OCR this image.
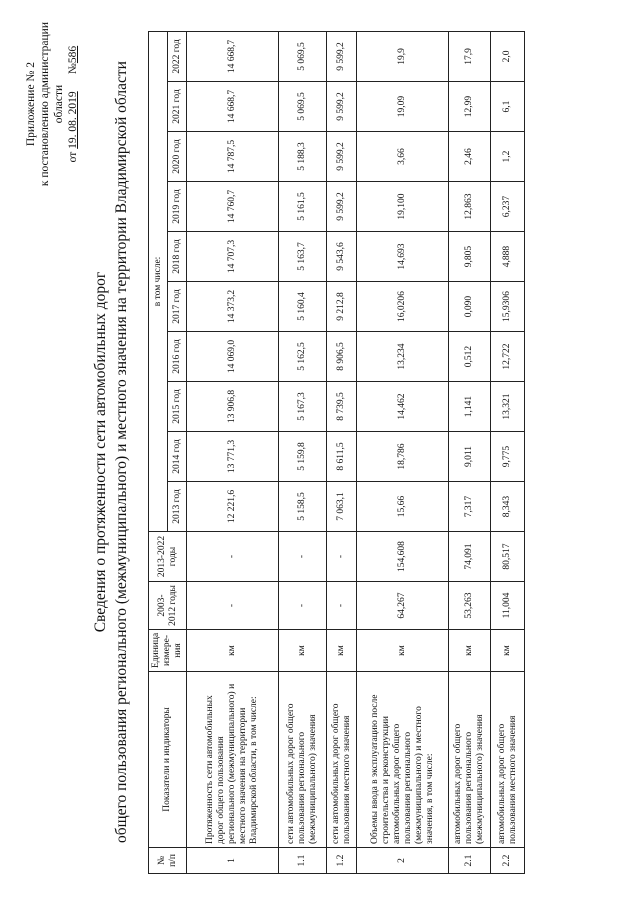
Приложение № 2 к постановлению администрации области
от 19. 08. 2019      №586
Сведения о протяженности сети автомобильных дорог общего пользования регионального (межмуниципального) и местного значения на территории Владимирской области
№ п/п	Показатели и индикаторы	Единица измере-ния	2003-2012 годы	2013-2022 годы	в том числе:									
					2013 год	2014 год	2015 год	2016 год	2017 год	2018 год	2019 год	2020 год	2021 год	2022 год
1	Протяженность сети автомобильных дорог общего пользования регионального (межмуниципального) и местного значения на территории Владимирской области, в том числе:	км	-	-	12 221,6	13 771,3	13 906,8	14 069,0	14 373,2	14 707,3	14 760,7	14 787,5	14 668,7	14 668,7
1.1	сети автомобильных дорог общего пользования регионального (межмуниципального) значения	км	-	-	5 158,5	5 159,8	5 167,3	5 162,5	5 160,4	5 163,7	5 161,5	5 188,3	5 069,5	5 069,5
1.2	сети автомобильных дорог общего пользования местного значения	км	-	-	7 063,1	8 611,5	8 739,5	8 906,5	9 212,8	9 543,6	9 599,2	9 599,2	9 599,2	9 599,2
2	Объемы ввода в эксплуатацию после строительства и реконструкции автомобильных дорог общего пользования регионального (межмуниципального) и местного значения, в том числе:	км	64,267	154,608	15,66	18,786	14,462	13,234	16,0206	14,693	19,100	3,66	19,09	19,9
2.1	автомобильных дорог общего пользования регионального (межмуниципального) значения	км	53,263	74,091	7,317	9,011	1,141	0,512	0,090	9,805	12,863	2,46	12,99	17,9
2.2	автомобильных дорог общего пользования местного значения	км	11,004	80,517	8,343	9,775	13,321	12,722	15,9306	4,888	6,237	1,2	6,1	2,0
